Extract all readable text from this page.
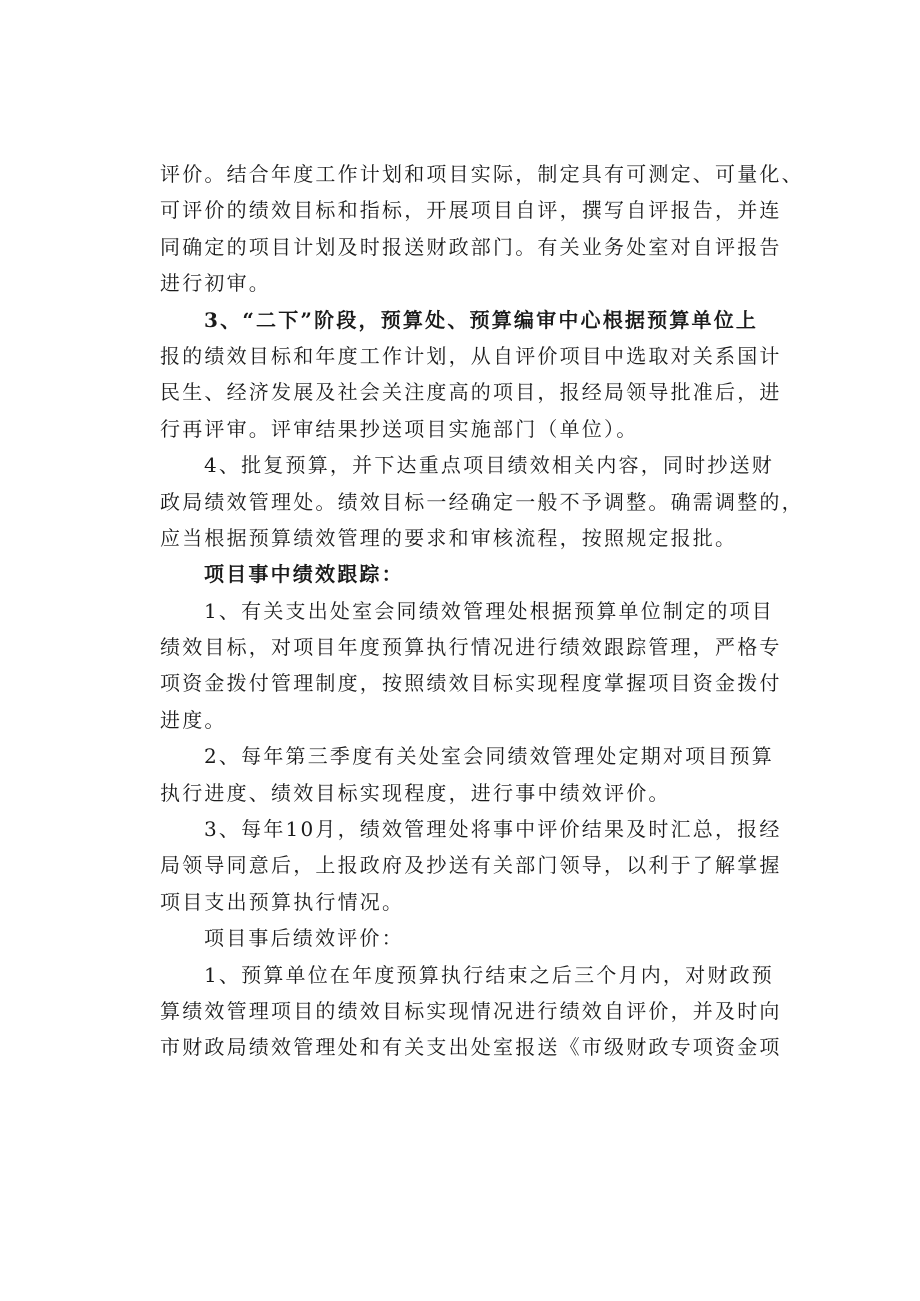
评价。结合年度工作计划和项目实际，制定具有可测定、可量化、
可评价的绩效目标和指标，开展项目自评，撰写自评报告，并连
同确定的项目计划及时报送财政部门。有关业务处室对自评报告
进行初审。
3、“二下”阶段，预算处、预算编审中心根据预算单位上
报的绩效目标和年度工作计划，从自评价项目中选取对关系国计
民生、经济发展及社会关注度高的项目，报经局领导批准后，进
行再评审。评审结果抄送项目实施部门（单位）。
4、批复预算，并下达重点项目绩效相关内容，同时抄送财
政局绩效管理处。绩效目标一经确定一般不予调整。确需调整的，
应当根据预算绩效管理的要求和审核流程，按照规定报批。
项目事中绩效跟踪：
1、有关支出处室会同绩效管理处根据预算单位制定的项目
绩效目标，对项目年度预算执行情况进行绩效跟踪管理，严格专
项资金拨付管理制度，按照绩效目标实现程度掌握项目资金拨付
进度。
2、每年第三季度有关处室会同绩效管理处定期对项目预算
执行进度、绩效目标实现程度，进行事中绩效评价。
3、每年10月，绩效管理处将事中评价结果及时汇总，报经
局领导同意后，上报政府及抄送有关部门领导，以利于了解掌握
项目支出预算执行情况。
项目事后绩效评价：
1、预算单位在年度预算执行结束之后三个月内，对财政预
算绩效管理项目的绩效目标实现情况进行绩效自评价，并及时向
市财政局绩效管理处和有关支出处室报送《市级财政专项资金项
